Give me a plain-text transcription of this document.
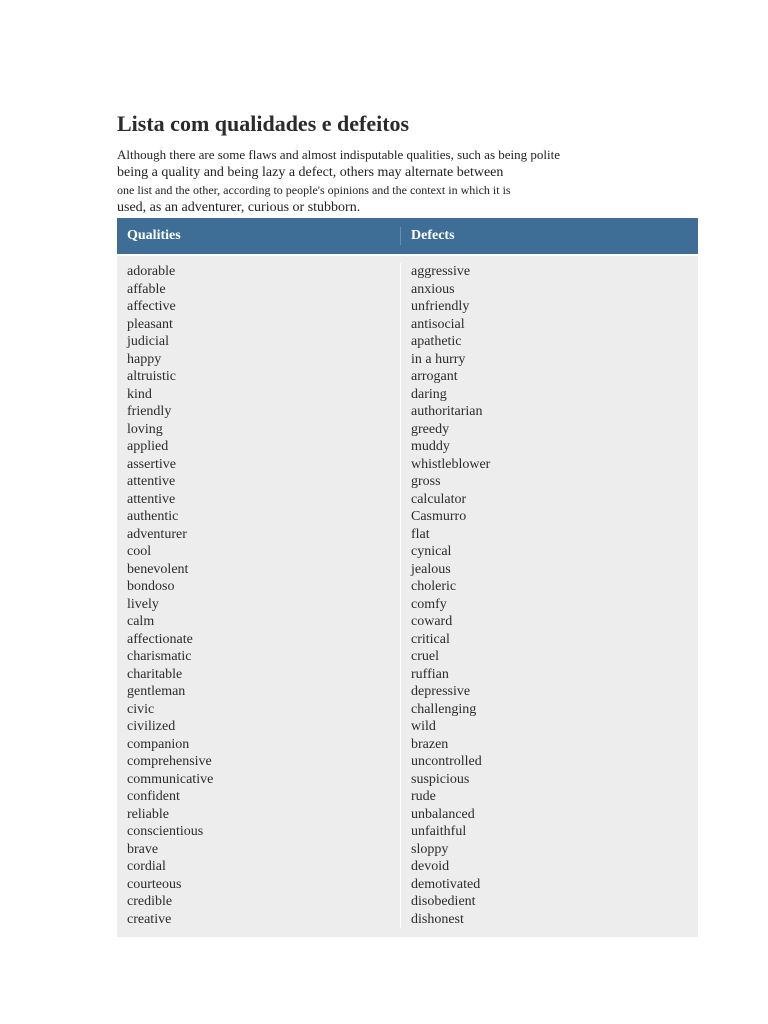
Lista com qualidades e defeitos
Although there are some flaws and almost indisputable qualities, such as being polite
being a quality and being lazy a defect, others may alternate between
one list and the other, according to people's opinions and the context in which it is
used, as an adventurer, curious or stubborn.
Qualities	Defects
adorable
affable
affective
pleasant
judicial
happy
altruistic
kind
friendly
loving
applied
assertive
attentive
attentive
authentic
adventurer
cool
benevolent
bondoso
lively
calm
affectionate
charismatic
charitable
gentleman
civic
civilized
companion
comprehensive
communicative
confident
reliable
conscientious
brave
cordial
courteous
credible
creative
aggressive
anxious
unfriendly
antisocial
apathetic
in a hurry
arrogant
daring
authoritarian
greedy
muddy
whistleblower
gross
calculator
Casmurro
flat
cynical
jealous
choleric
comfy
coward
critical
cruel
ruffian
depressive
challenging
wild
brazen
uncontrolled
suspicious
rude
unbalanced
unfaithful
sloppy
devoid
demotivated
disobedient
dishonest
